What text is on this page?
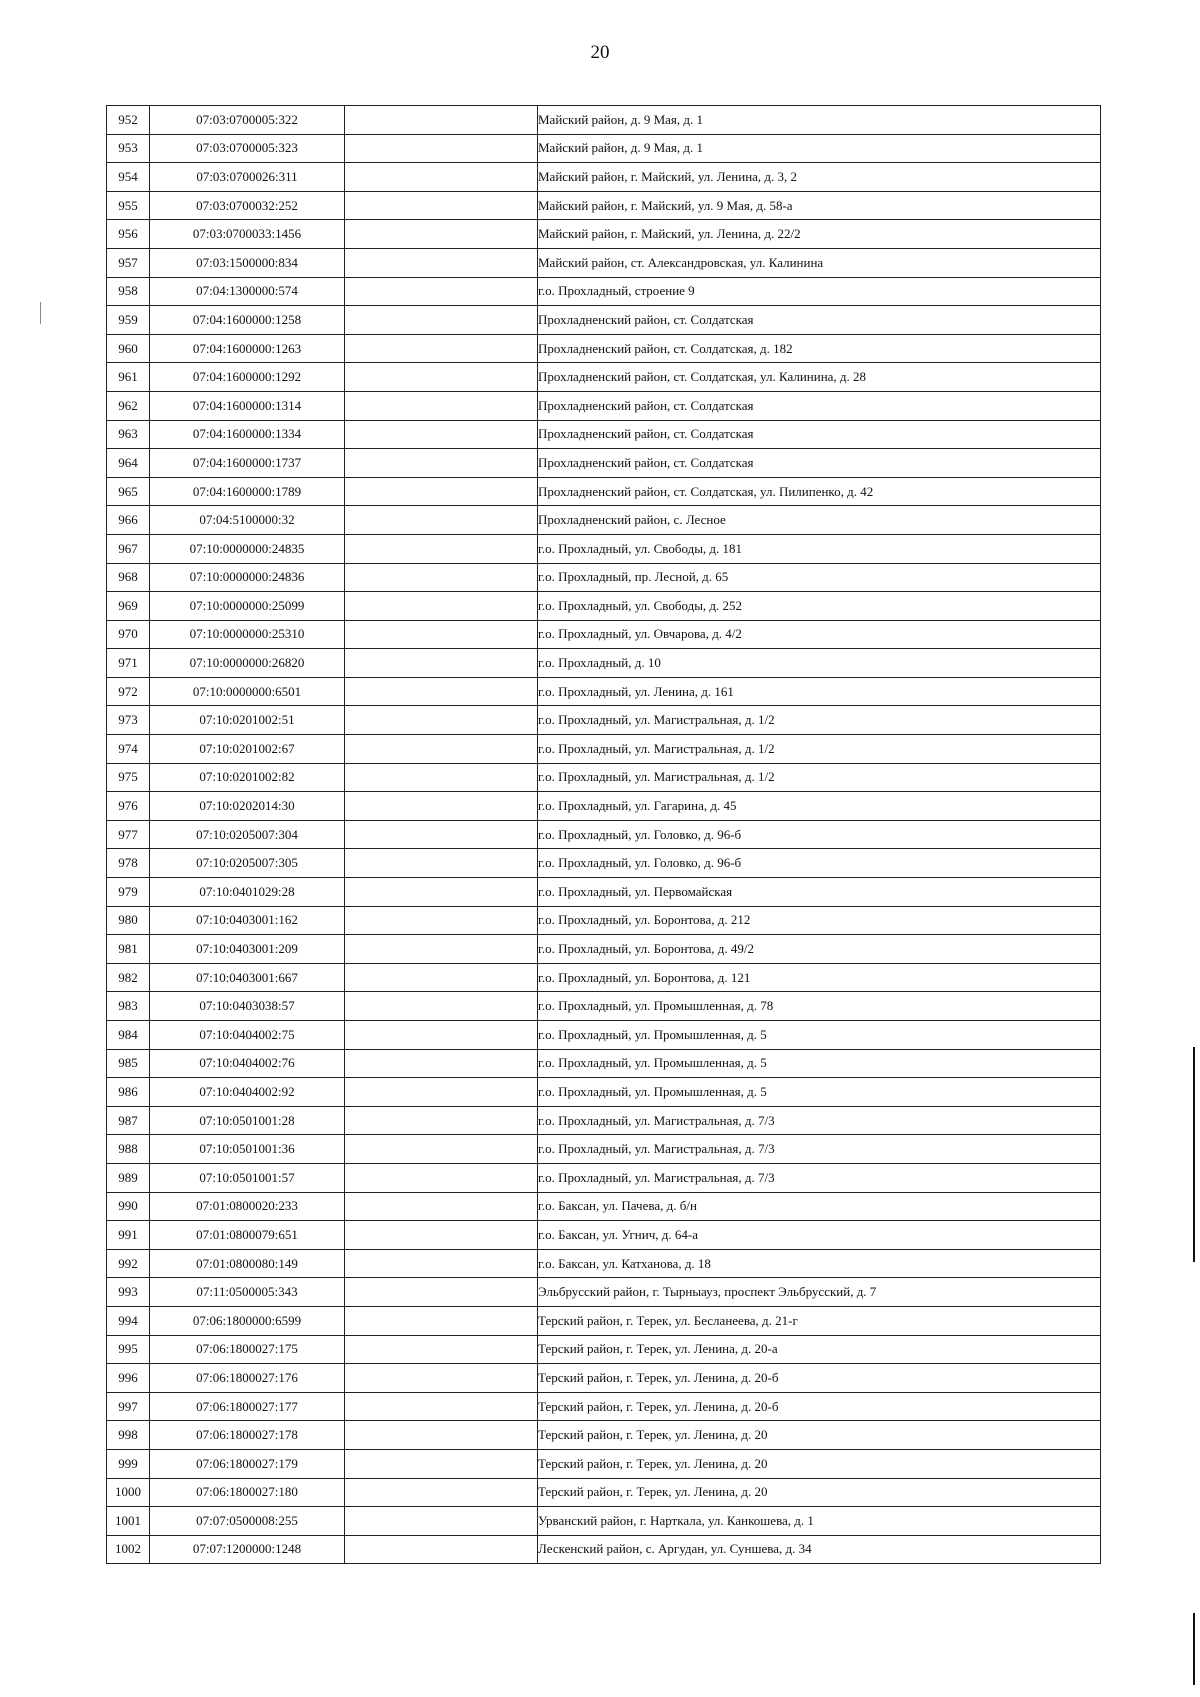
20
952	07:03:0700005:322		Майский район, д. 9 Мая, д. 1
953	07:03:0700005:323		Майский район, д. 9 Мая, д. 1
954	07:03:0700026:311		Майский район, г. Майский, ул. Ленина, д. 3, 2
955	07:03:0700032:252		Майский район, г. Майский, ул. 9 Мая, д. 58-а
956	07:03:0700033:1456		Майский район, г. Майский, ул. Ленина, д. 22/2
957	07:03:1500000:834		Майский район, ст. Александровская, ул. Калинина
958	07:04:1300000:574		г.о. Прохладный, строение 9
959	07:04:1600000:1258		Прохладненский район, ст. Солдатская
960	07:04:1600000:1263		Прохладненский район, ст. Солдатская, д. 182
961	07:04:1600000:1292		Прохладненский район, ст. Солдатская, ул. Калинина, д. 28
962	07:04:1600000:1314		Прохладненский район, ст. Солдатская
963	07:04:1600000:1334		Прохладненский район, ст. Солдатская
964	07:04:1600000:1737		Прохладненский район, ст. Солдатская
965	07:04:1600000:1789		Прохладненский район, ст. Солдатская, ул. Пилипенко, д. 42
966	07:04:5100000:32		Прохладненский район, с. Лесное
967	07:10:0000000:24835		г.о. Прохладный, ул. Свободы, д. 181
968	07:10:0000000:24836		г.о. Прохладный, пр. Лесной, д. 65
969	07:10:0000000:25099		г.о. Прохладный, ул. Свободы, д. 252
970	07:10:0000000:25310		г.о. Прохладный, ул. Овчарова, д. 4/2
971	07:10:0000000:26820		г.о. Прохладный, д. 10
972	07:10:0000000:6501		г.о. Прохладный, ул. Ленина, д. 161
973	07:10:0201002:51		г.о. Прохладный, ул. Магистральная, д. 1/2
974	07:10:0201002:67		г.о. Прохладный, ул. Магистральная, д. 1/2
975	07:10:0201002:82		г.о. Прохладный, ул. Магистральная, д. 1/2
976	07:10:0202014:30		г.о. Прохладный, ул. Гагарина, д. 45
977	07:10:0205007:304		г.о. Прохладный, ул. Головко, д. 96-б
978	07:10:0205007:305		г.о. Прохладный, ул. Головко, д. 96-б
979	07:10:0401029:28		г.о. Прохладный, ул. Первомайская
980	07:10:0403001:162		г.о. Прохладный, ул. Боронтова, д. 212
981	07:10:0403001:209		г.о. Прохладный, ул. Боронтова, д. 49/2
982	07:10:0403001:667		г.о. Прохладный, ул. Боронтова, д. 121
983	07:10:0403038:57		г.о. Прохладный, ул. Промышленная, д. 78
984	07:10:0404002:75		г.о. Прохладный, ул. Промышленная, д. 5
985	07:10:0404002:76		г.о. Прохладный, ул. Промышленная, д. 5
986	07:10:0404002:92		г.о. Прохладный, ул. Промышленная, д. 5
987	07:10:0501001:28		г.о. Прохладный, ул. Магистральная, д. 7/3
988	07:10:0501001:36		г.о. Прохладный, ул. Магистральная, д. 7/3
989	07:10:0501001:57		г.о. Прохладный, ул. Магистральная, д. 7/3
990	07:01:0800020:233		г.о. Баксан, ул. Пачева, д. б/н
991	07:01:0800079:651		г.о. Баксан, ул. Угнич, д. 64-а
992	07:01:0800080:149		г.о. Баксан, ул. Катханова, д. 18
993	07:11:0500005:343		Эльбрусский район, г. Тырныауз, проспект Эльбрусский, д. 7
994	07:06:1800000:6599		Терский район, г. Терек, ул. Бесланеева, д. 21-г
995	07:06:1800027:175		Терский район, г. Терек, ул. Ленина, д. 20-а
996	07:06:1800027:176		Терский район, г. Терек, ул. Ленина, д. 20-б
997	07:06:1800027:177		Терский район, г. Терек, ул. Ленина, д. 20-б
998	07:06:1800027:178		Терский район, г. Терек, ул. Ленина, д. 20
999	07:06:1800027:179		Терский район, г. Терек, ул. Ленина, д. 20
1000	07:06:1800027:180		Терский район, г. Терек, ул. Ленина, д. 20
1001	07:07:0500008:255		Урванский район, г. Нарткала, ул. Канкошева, д. 1
1002	07:07:1200000:1248		Лескенский район, с. Аргудан, ул. Суншева, д. 34
